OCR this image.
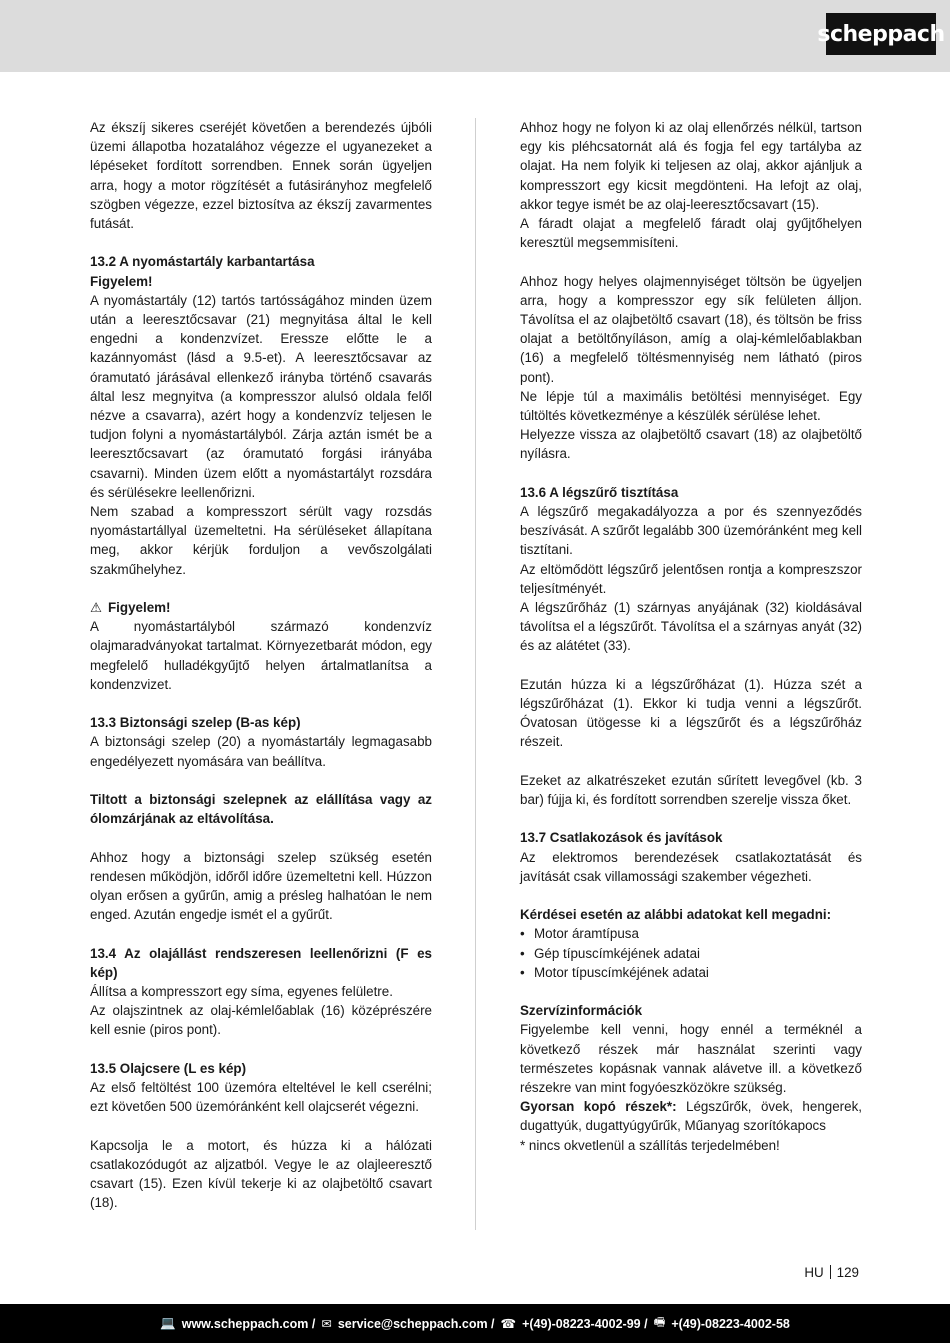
scheppach

Az ékszíj sikeres cseréjét követően a berendezés újbóli üzemi állapotba hozatalához végezze el ugyanezeket a lépéseket fordított sorrendben. Ennek során ügyeljen arra, hogy a motor rögzítését a futásirányhoz megfelelő szögben végezze, ezzel biztosítva az ékszíj zavarmentes futását.

13.2 A nyomástartály karbantartása

Figyelem!

A nyomástartály (12) tartós tartósságához minden üzem után a leeresztőcsavar (21) megnyitása által le kell engedni a kondenzvízet. Eressze előtte le a kazánnyomást (lásd a 9.5-et). A leeresztőcsavar az óramutató járásával ellenkező irányba történő csavarás által lesz megnyitva (a kompresszor alulsó oldala felől nézve a csavarra), azért hogy a kondenzvíz teljesen le tudjon folyni a nyomástartályból. Zárja aztán ismét be a leeresztőcsavart (az óramutató forgási irányába csavarni). Minden üzem előtt a nyomástartályt rozsdára és sérülésekre leellenőrizni.

Nem szabad a kompresszort sérült vagy rozsdás nyomástartállyal üzemeltetni. Ha sérüléseket állapítana meg, akkor kérjük forduljon a vevőszolgálati szakműhelyhez.

⚠ Figyelem!

A nyomástartályból származó kondenzvíz olajmaradványokat tartalmat. Környezetbarát módon, egy megfelelő hulladékgyűjtő helyen ártalmatlanítsa a kondenzvizet.

13.3 Biztonsági szelep (B-as kép)

A biztonsági szelep (20) a nyomástartály legmagasabb engedélyezett nyomására van beállítva.

Tiltott a biztonsági szelepnek az elállítása vagy az ólomzárjának az eltávolítása.

Ahhoz hogy a biztonsági szelep szükség esetén rendesen működjön, időről időre üzemeltetni kell. Húzzon olyan erősen a gyűrűn, amig a présleg halhatóan le nem enged. Azután engedje ismét el a gyűrűt.

13.4 Az olajállást rendszeresen leellenőrizni (F es kép)

Állítsa a kompresszort egy síma, egyenes felületre.

Az olajszintnek az olaj-kémlelőablak (16) középrészére kell esnie (piros pont).

13.5 Olajcsere (L es kép)

Az első feltöltést 100 üzemóra elteltével le kell cserélni; ezt követően 500 üzemóránként kell olajcserét végezni.

Kapcsolja le a motort, és húzza ki a hálózati csatlakozódugót az aljzatból. Vegye le az olajleeresztő csavart (15). Ezen kívül tekerje ki az olajbetöltő csavart (18).

Ahhoz hogy ne folyon ki az olaj ellenőrzés nélkül, tartson egy kis pléhcsatornát alá és fogja fel egy tartályba az olajat. Ha nem folyik ki teljesen az olaj, akkor ajánljuk a kompresszort egy kicsit megdönteni. Ha lefojt az olaj, akkor tegye ismét be az olaj-leeresztőcsavart (15).

A fáradt olajat a megfelelő fáradt olaj gyűjtőhelyen keresztül megsemmisíteni.

Ahhoz hogy helyes olajmennyiséget töltsön be ügyeljen arra, hogy a kompresszor egy sík felületen álljon. Távolítsa el az olajbetöltő csavart (18), és töltsön be friss olajat a betöltőnyíláson, amíg a olaj-kémlelőablakban (16) a megfelelő töltésmennyiség nem látható (piros pont).

Ne lépje túl a maximális betöltési mennyiséget. Egy túltöltés következménye a készülék sérülése lehet.

Helyezze vissza az olajbetöltő csavart (18) az olajbetöltő nyílásra.

13.6 A légszűrő tisztítása

A légszűrő megakadályozza a por és szennyeződés beszívását. A szűrőt legalább 300 üzemóránként meg kell tisztítani.

Az eltömődött légszűrő jelentősen rontja a kompreszszor teljesítményét.

A légszűrőház (1) szárnyas anyájának (32) kioldásával távolítsa el a légszűrőt. Távolítsa el a szárnyas anyát (32) és az alátétet (33).

Ezután húzza ki a légszűrőházat (1). Húzza szét a légszűrőházat (1). Ekkor ki tudja venni a légszűrőt. Óvatosan ütögesse ki a légszűrőt és a légszűrőház részeit.

Ezeket az alkatrészeket ezután sűrített levegővel (kb. 3 bar) fújja ki, és fordított sorrendben szerelje vissza őket.

13.7 Csatlakozások és javítások

Az elektromos berendezések csatlakoztatását és javítását csak villamossági szakember végezheti.

Kérdései esetén az alábbi adatokat kell megadni:

• Motor áramtípusa
• Gép típuscímkéjének adatai
• Motor típuscímkéjének adatai

Szervízinformációk

Figyelembe kell venni, hogy ennél a terméknél a következő részek már használat szerinti vagy természetes kopásnak vannak alávetve ill. a következő részekre van mint fogyóeszközökre szükség.

Gyorsan kopó részek*: Légszűrők, övek, hengerek, dugattyúk, dugattyúgyűrűk, Műanyag szorítókapocs

* nincs okvetlenül a szállítás terjedelmében!

HU 129
💻 www.scheppach.com / ✉ service@scheppach.com / ☎ +(49)-08223-4002-99 / 🖷 +(49)-08223-4002-58
